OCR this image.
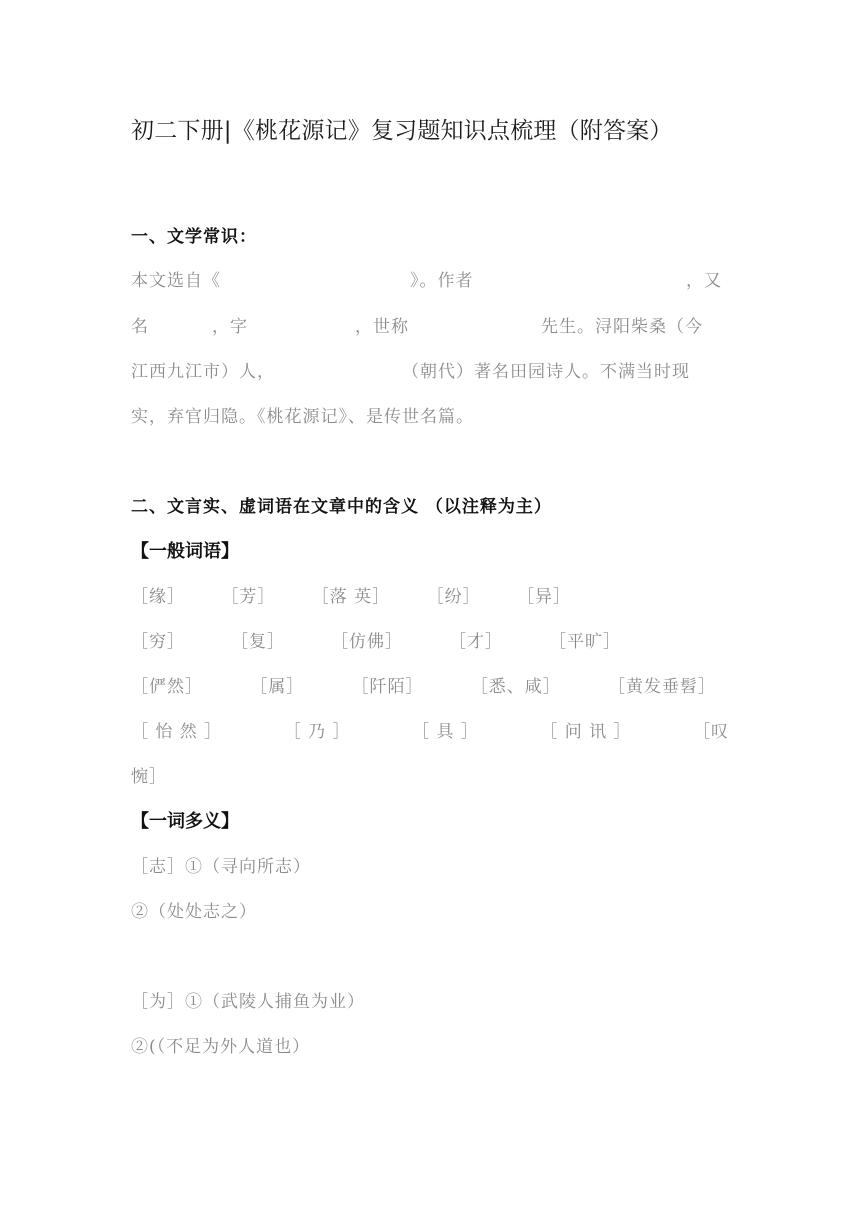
初二下册|《桃花源记》复习题知识点梳理（附答案）
一、文学常识：
本文选自《	》。作者	，又
名	，字	，世称	先生。浔阳柴桑（今
江西九江市）人，	（朝代）著名田园诗人。不满当时现
实，弃官归隐。《桃花源记》、是传世名篇。
二、文言实、虚词语在文章中的含义 （以注释为主）
【一般词语】
［缘］ ［芳］ ［落 英］ ［纷］ ［异］
［穷］	［复］	［仿佛］	［才］	［平旷］
［俨然］	［属］	［阡陌］	［悉、咸］	［黄发垂髫］
［ 怡 然 ］	［ 乃 ］	［ 具 ］	［ 问 讯 ］	［叹
惋］
【一词多义】
［志］①（寻向所志）
②（处处志之）
［为］①（武陵人捕鱼为业）
②(（不足为外人道也）
